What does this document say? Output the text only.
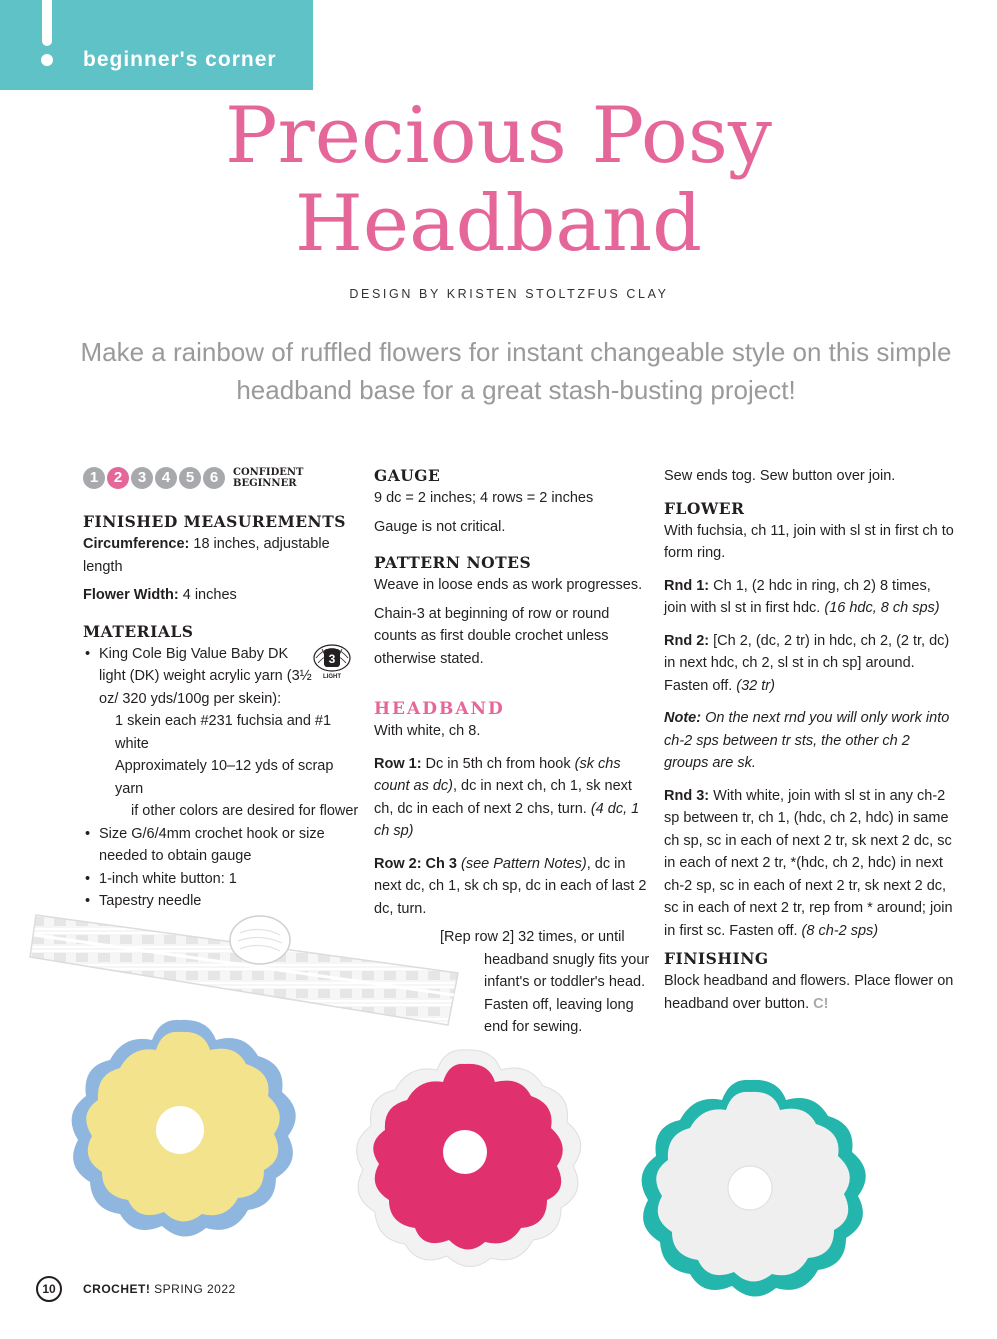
beginner's corner
Precious Posy
Headband
DESIGN BY KRISTEN STOLTZFUS CLAY
Make a rainbow of ruffled flowers for instant changeable style on this simple headband base for a great stash-busting project!
1	2	3	4	5	6	CONFIDENT
BEGINNER
FINISHED MEASUREMENTS
Circumference: 18 inches, adjustable length
Flower Width: 4 inches
MATERIALS
• King Cole Big Value Baby DK light (DK) weight acrylic yarn (3½ oz/ 320 yds/100g per skein):
1 skein each #231 fuchsia and #1 white
Approximately 10–12 yds of scrap yarn
if other colors are desired for flower
• Size G/6/4mm crochet hook or size needed to obtain gauge
• 1-inch white button: 1
• Tapestry needle
3
LIGHT
GAUGE
9 dc = 2 inches; 4 rows = 2 inches
Gauge is not critical.
PATTERN NOTES
Weave in loose ends as work progresses.
Chain-3 at beginning of row or round counts as first double crochet unless otherwise stated.
HEADBAND
With white, ch 8.
Row 1: Dc in 5th ch from hook (sk chs count as dc), dc in next ch, ch 1, sk next ch, dc in each of next 2 chs, turn. (4 dc, 1 ch sp)
Row 2: Ch 3 (see Pattern Notes), dc in next dc, ch 1, sk ch sp, dc in each of last 2 dc, turn.
[Rep row 2] 32 times, or until
headband snugly fits your
infant's or toddler's head.
Fasten off, leaving long
end for sewing.
Sew ends tog. Sew button over join.
FLOWER
With fuchsia, ch 11, join with sl st in first ch to form ring.
Rnd 1: Ch 1, (2 hdc in ring, ch 2) 8 times, join with sl st in first hdc. (16 hdc, 8 ch sps)
Rnd 2: [Ch 2, (dc, 2 tr) in hdc, ch 2, (2 tr, dc) in next hdc, ch 2, sl st in ch sp] around. Fasten off. (32 tr)
Note: On the next rnd you will only work into ch-2 sps between tr sts, the other ch 2 groups are sk.
Rnd 3: With white, join with sl st in any ch-2 sp between tr, ch 1, (hdc, ch 2, hdc) in same ch sp, sc in each of next 2 tr, sk next 2 dc, sc in each of next 2 tr, *(hdc, ch 2, hdc) in next ch-2 sp, sc in each of next 2 tr, sk next 2 dc, sc in each of next 2 tr, rep from * around; join in first sc. Fasten off. (8 ch-2 sps)
FINISHING
Block headband and flowers. Place flower on headband over button. C!
10	CROCHET! SPRING 2022
